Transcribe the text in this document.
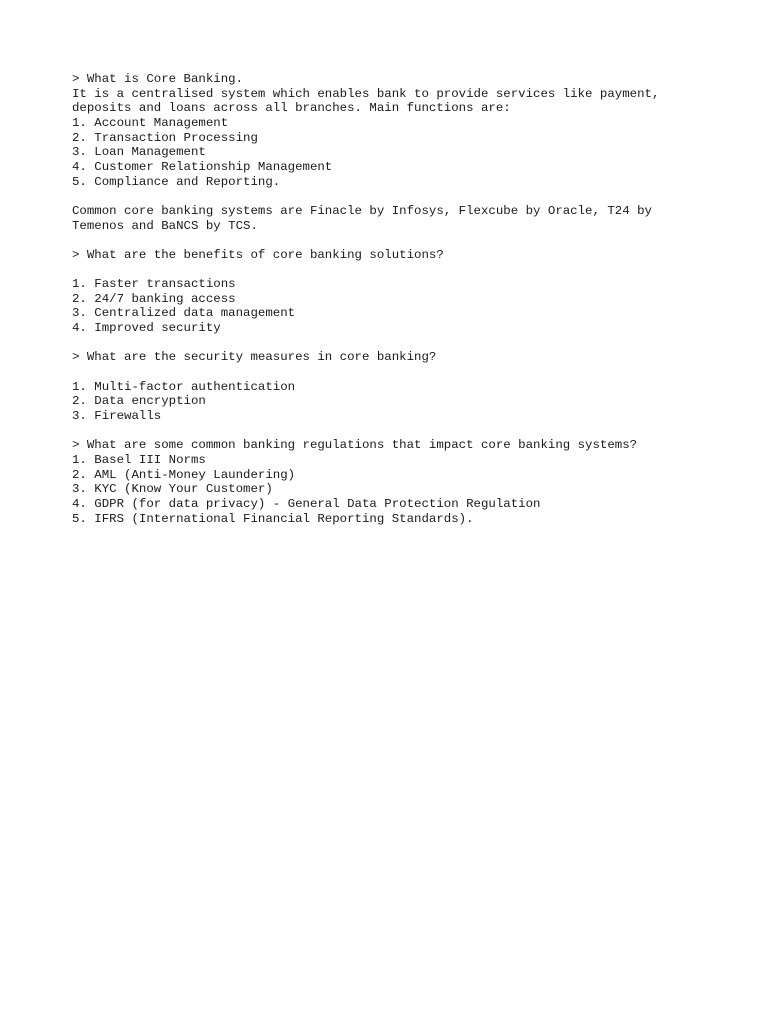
> What is Core Banking.
It is a centralised system which enables bank to provide services like payment,
deposits and loans across all branches. Main functions are:
1. Account Management
2. Transaction Processing
3. Loan Management
4. Customer Relationship Management
5. Compliance and Reporting.
Common core banking systems are Finacle by Infosys, Flexcube by Oracle, T24 by
Temenos and BaNCS by TCS.
> What are the benefits of core banking solutions?
1. Faster transactions
2. 24/7 banking access
3. Centralized data management
4. Improved security
> What are the security measures in core banking?
1. Multi-factor authentication
2. Data encryption
3. Firewalls
> What are some common banking regulations that impact core banking systems?
1. Basel III Norms
2. AML (Anti-Money Laundering)
3. KYC (Know Your Customer)
4. GDPR (for data privacy) - General Data Protection Regulation
5. IFRS (International Financial Reporting Standards).
